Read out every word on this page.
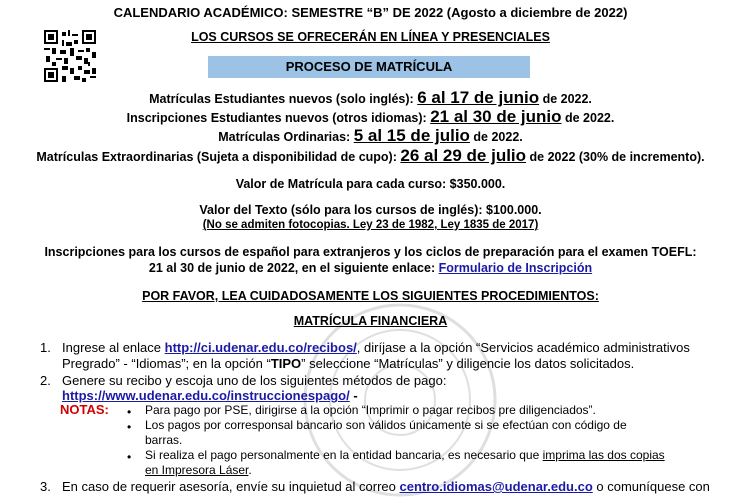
CALENDARIO ACADÉMICO: SEMESTRE “B” DE 2022 (Agosto a diciembre de 2022)
LOS CURSOS SE OFRECERÁN EN LÍNEA Y PRESENCIALES
PROCESO DE MATRÍCULA
Matrículas Estudiantes nuevos (solo inglés): 6 al 17 de junio de 2022.
Inscripciones Estudiantes nuevos (otros idiomas): 21 al 30 de junio de 2022.
Matrículas Ordinarias: 5 al 15 de julio de 2022.
Matrículas Extraordinarias (Sujeta a disponibilidad de cupo): 26 al 29 de julio de 2022 (30% de incremento).
Valor de Matrícula para cada curso: $350.000.
Valor del Texto (sólo para los cursos de inglés): $100.000.
(No se admiten fotocopias. Ley 23 de 1982, Ley 1835 de 2017)
Inscripciones para los cursos de español para extranjeros y los ciclos de preparación para el examen TOEFL:
21 al 30 de junio de 2022, en el siguiente enlace: Formulario de Inscripción
POR FAVOR, LEA CUIDADOSAMENTE LOS SIGUIENTES PROCEDIMIENTOS:
MATRÍCULA FINANCIERA
1. Ingrese al enlace http://ci.udenar.edu.co/recibos/, diríjase a la opción “Servicios académico administrativos
Pregrado” - “Idiomas”; en la opción “TIPO” seleccione “Matrículas” y diligencie los datos solicitados.
2. Genere su recibo y escoja uno de los siguientes métodos de pago:
https://www.udenar.edu.co/instruccionespago/ -
NOTAS: • Para pago por PSE, dirigirse a la opción “Imprimir o pagar recibos pre diligenciados”.
• Los pagos por corresponsal bancario son válidos únicamente si se efectúan con código de
barras.
• Si realiza el pago personalmente en la entidad bancaria, es necesario que imprima las dos copias
en Impresora Láser.
3. En caso de requerir asesoría, envíe su inquietud al correo centro.idiomas@udenar.edu.co o comuníquese con
